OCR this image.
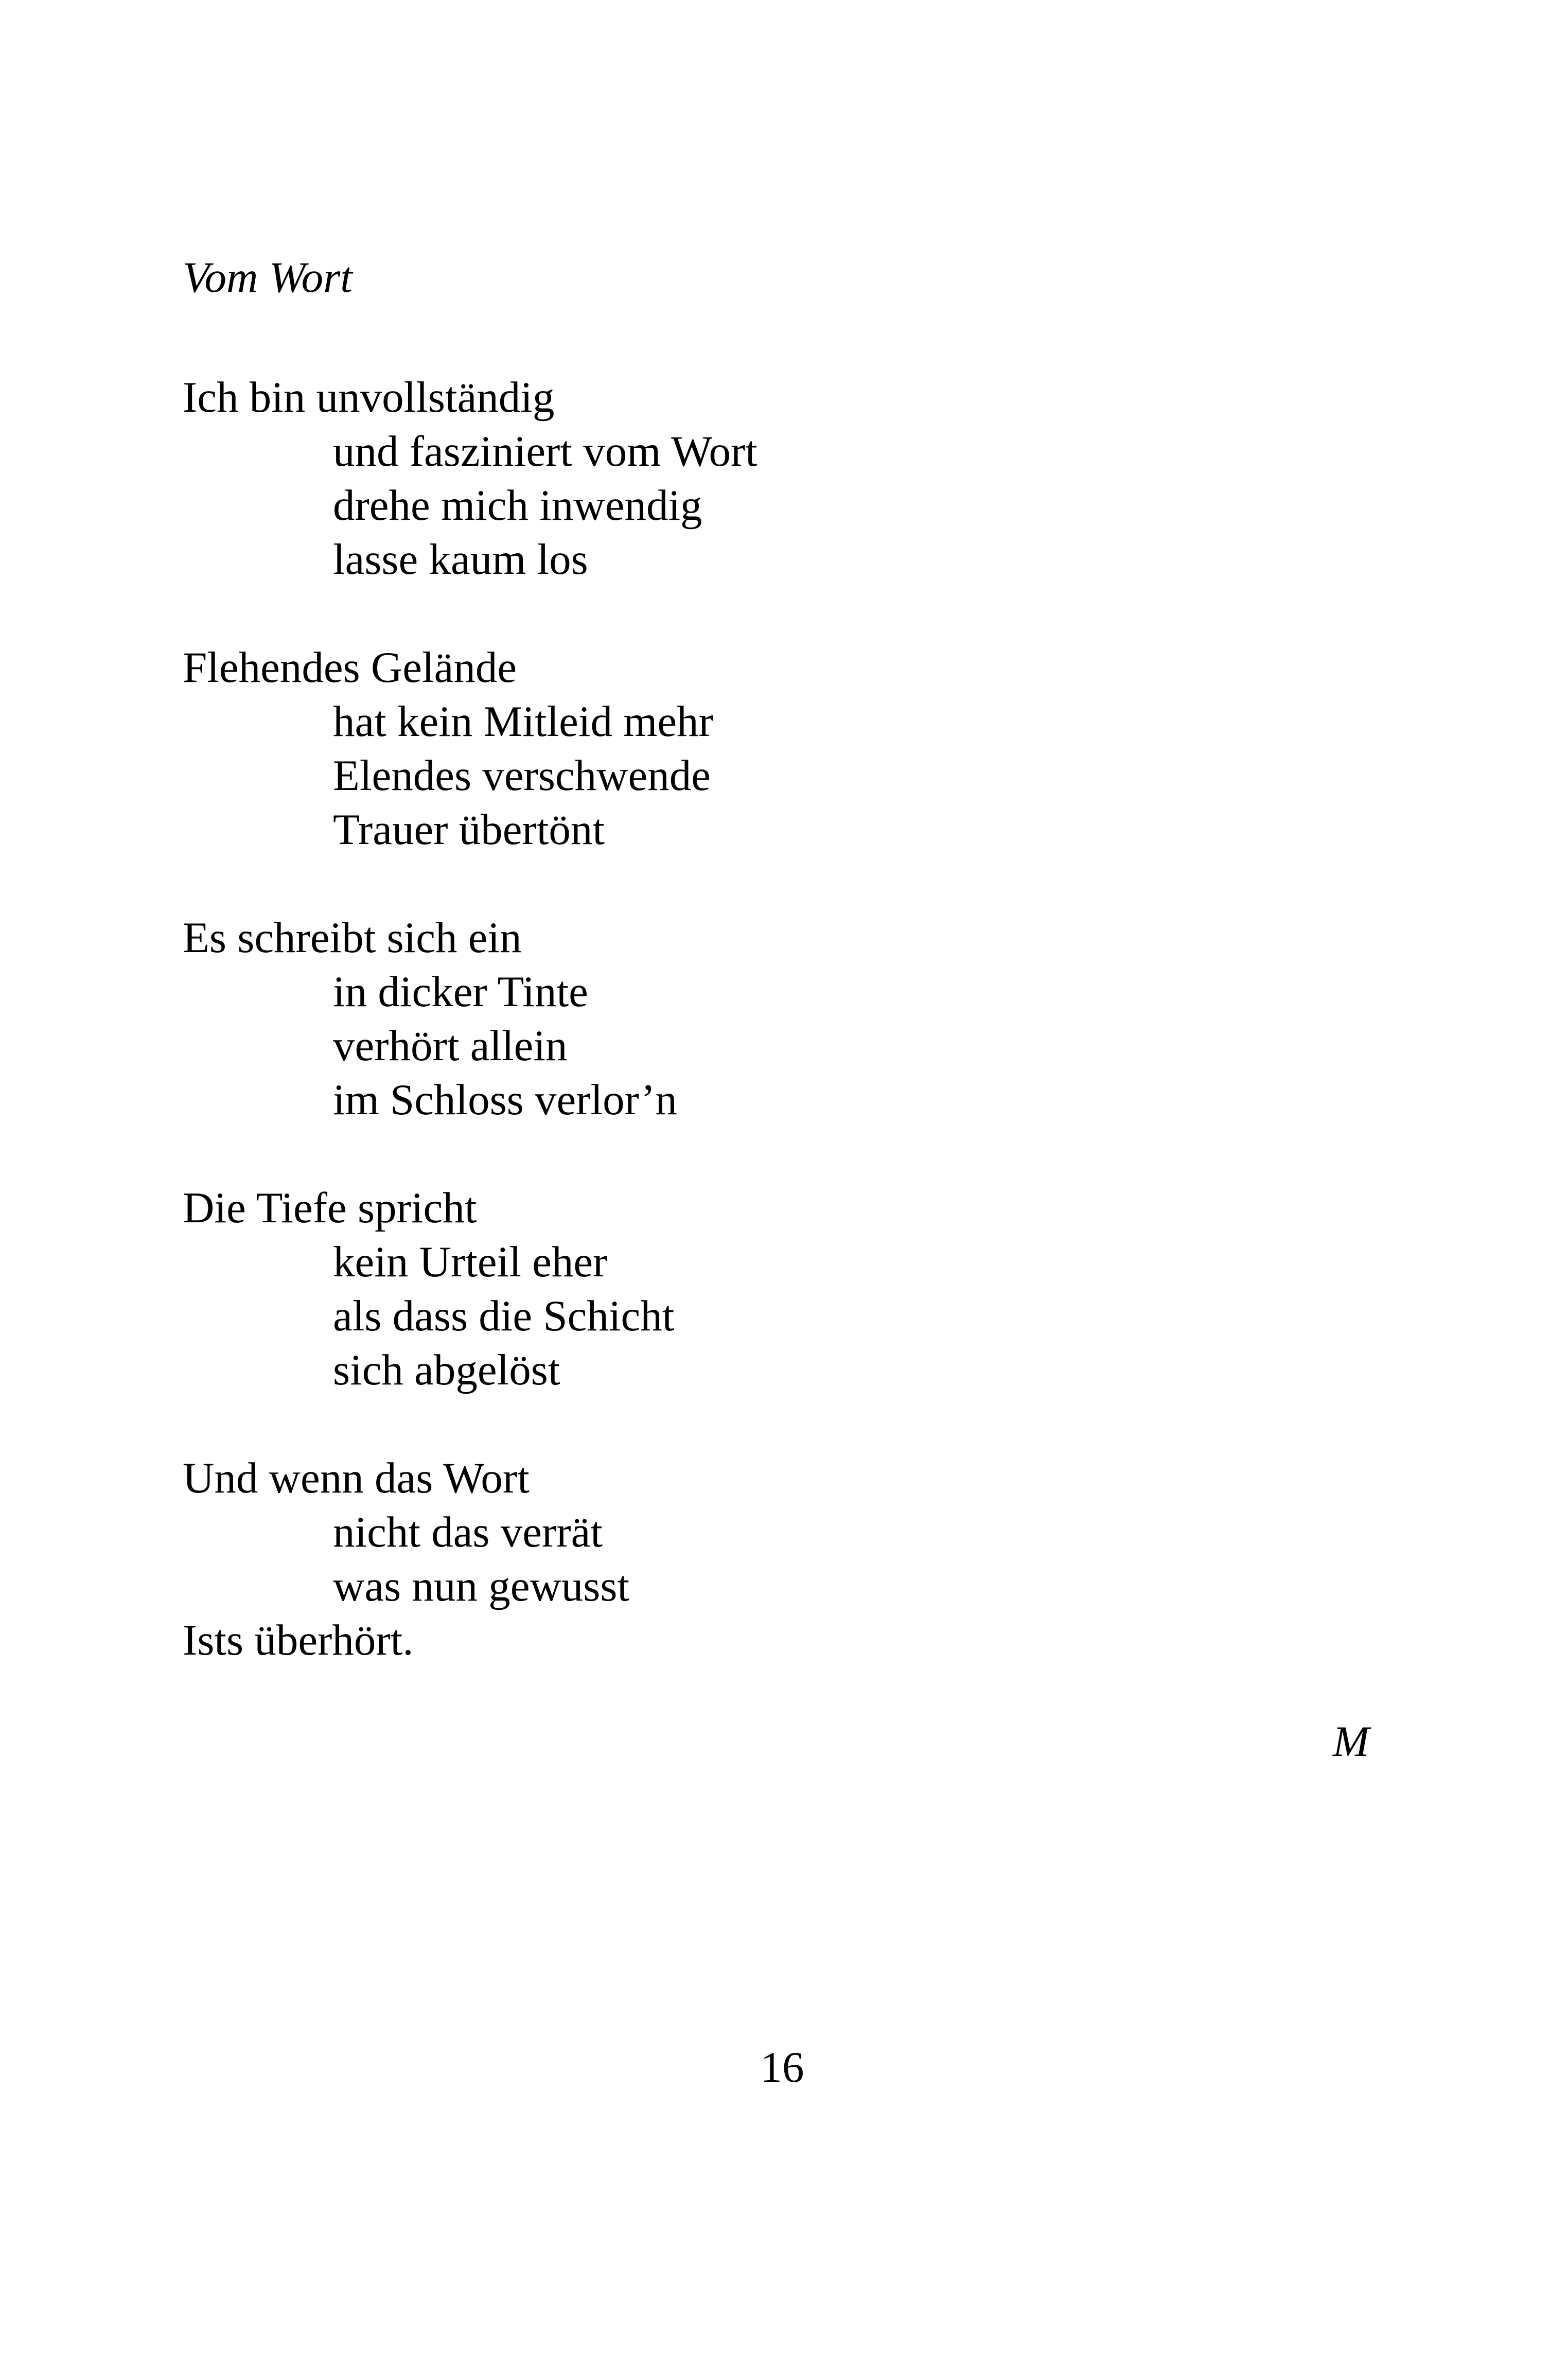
Vom Wort
Ich bin unvollständig
und fasziniert vom Wort
drehe mich inwendig
lasse kaum los
Flehendes Gelände
hat kein Mitleid mehr
Elendes verschwende
Trauer übertönt
Es schreibt sich ein
in dicker Tinte
verhört allein
im Schloss verlor’n
Die Tiefe spricht
kein Urteil eher
als dass die Schicht
sich abgelöst
Und wenn das Wort
nicht das verrät
was nun gewusst
Ists überhört.
M
16
